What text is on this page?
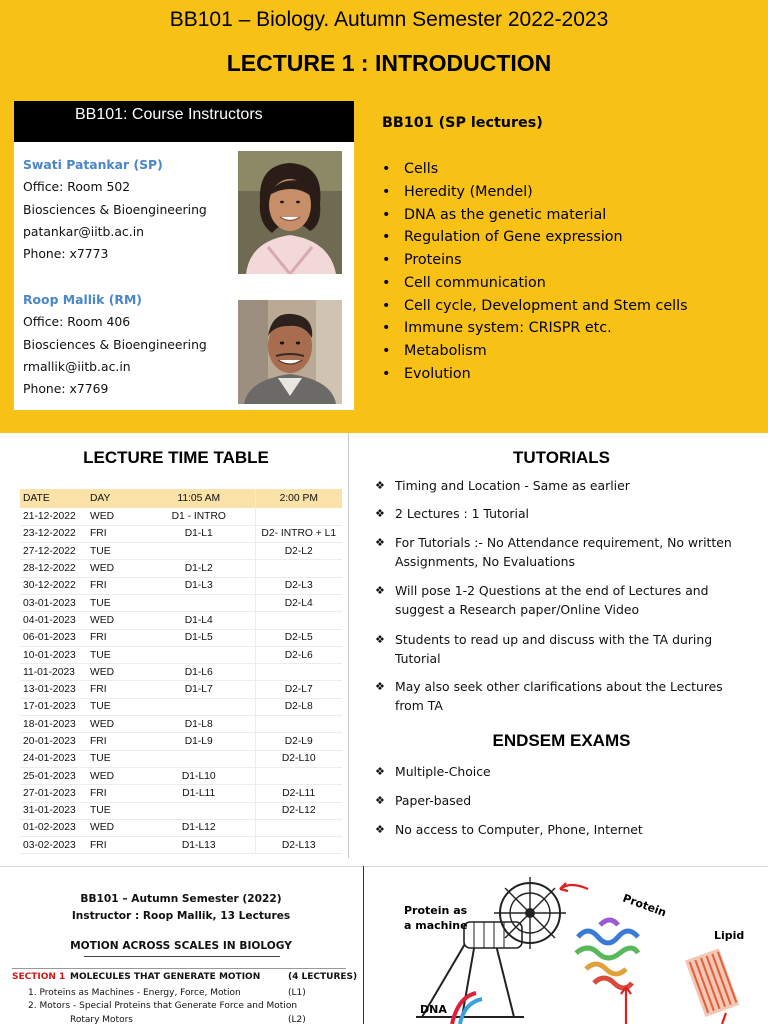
BB101 – Biology. Autumn Semester 2022-2023
LECTURE 1 : INTRODUCTION
BB101: Course Instructors
Swati Patankar (SP)
Office: Room 502
Biosciences & Bioengineering
patankar@iitb.ac.in
Phone: x7773
Roop Mallik (RM)
Office: Room 406
Biosciences & Bioengineering
rmallik@iitb.ac.in
Phone: x7769
BB101 (SP lectures)
• Cells
• Heredity (Mendel)
• DNA as the genetic material
• Regulation of Gene expression
• Proteins
• Cell communication
• Cell cycle, Development and Stem cells
• Immune system: CRISPR etc.
• Metabolism
• Evolution
LECTURE TIME TABLE
DATE	DAY	11:05 AM	2:00 PM
21-12-2022	WED	D1 - INTRO	
23-12-2022	FRI	D1-L1	D2- INTRO + L1
27-12-2022	TUE		D2-L2
28-12-2022	WED	D1-L2	
30-12-2022	FRI	D1-L3	D2-L3
03-01-2023	TUE		D2-L4
04-01-2023	WED	D1-L4	
06-01-2023	FRI	D1-L5	D2-L5
10-01-2023	TUE		D2-L6
11-01-2023	WED	D1-L6	
13-01-2023	FRI	D1-L7	D2-L7
17-01-2023	TUE		D2-L8
18-01-2023	WED	D1-L8	
20-01-2023	FRI	D1-L9	D2-L9
24-01-2023	TUE		D2-L10
25-01-2023	WED	D1-L10	
27-01-2023	FRI	D1-L11	D2-L11
31-01-2023	TUE		D2-L12
01-02-2023	WED	D1-L12	
03-02-2023	FRI	D1-L13	D2-L13
TUTORIALS
❖ Timing and Location - Same as earlier
❖ 2 Lectures : 1 Tutorial
❖ For Tutorials :- No Attendance requirement, No written Assignments, No Evaluations
❖ Will pose 1-2 Questions at the end of Lectures and suggest a Research paper/Online Video
❖ Students to read up and discuss with the TA during Tutorial
❖ May also seek other clarifications about the Lectures from TA
ENDSEM EXAMS
❖ Multiple-Choice
❖ Paper-based
❖ No access to Computer, Phone, Internet
BB101 – Autumn Semester (2022)
Instructor : Roop Mallik, 13 Lectures
MOTION ACROSS SCALES IN BIOLOGY
SECTION 1 MOLECULES THAT GENERATE MOTION	(4 LECTURES)
1. Proteins as Machines - Energy, Force, Motion	(L1)
2. Motors - Special Proteins that Generate Force and Motion
Rotary Motors	(L2)
Protein as
a machine
Protein
Lipid
DNA
